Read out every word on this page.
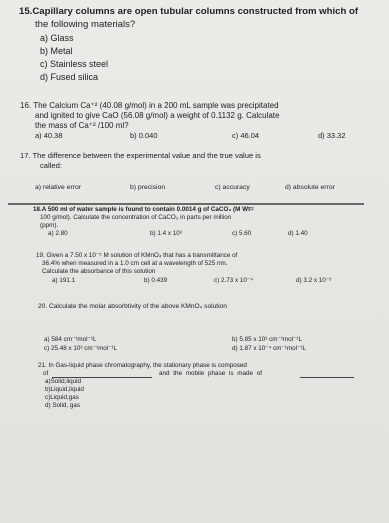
15.Capillary columns are open tubular columns constructed from which of
the following materials?
a) Glass
b) Metal
c) Stainless steel
d) Fused silica
16. The Calcium Ca⁺² (40.08 g/mol) in a 200 mL sample was precipitated
and ignited to give CaO (56.08 g/mol) a weight of 0.1132 g. Calculate
the mass of Ca⁺² /100 ml?
a) 40.38	b) 0.040	c) 46.04	d) 33.32
17. The difference between the experimental value and the true value is
called:
a) relative error	b) precision	c) accuracy	d) absolute error
18.A 500 ml of water sample is found to contain 0.0014 g of CaCO₃ (M Wt=
100 g/mol). Calculate the concentration of CaCO₃ in parts per million
(ppm).
a) 2.80	b) 1.4 x 10³	c) 5.60	d) 1.40
19. Given a 7.50 x 10⁻⁵ M solution of KMnO₄ that has a transmittance of
36.4% when measured in a 1.0 cm cell at a wavelength of 525 nm.
Calculate the absorbance of this solution
a) 191.1	b) 0.439	c) 2.73 x 10⁻⁴	d) 3.2 x 10⁻³
20. Calculate the molar absorbtivity of the above KMnO₄ solution
a) 584 cm⁻¹mol⁻¹L	b) 5.85 x 10³ cm⁻¹mol⁻¹L
c) 25.48 x 10³ cm⁻¹mol⁻¹L	d) 1.87 x 10⁻⁴ cm⁻¹mol⁻¹L
21. In Gas-liquid phase chromatography, the stationary phase is composed
of	and the mobile phase is made of
a)Solid,liquid
b)Liquid,liquid
c)Liquid,gas
d) Solid, gas
